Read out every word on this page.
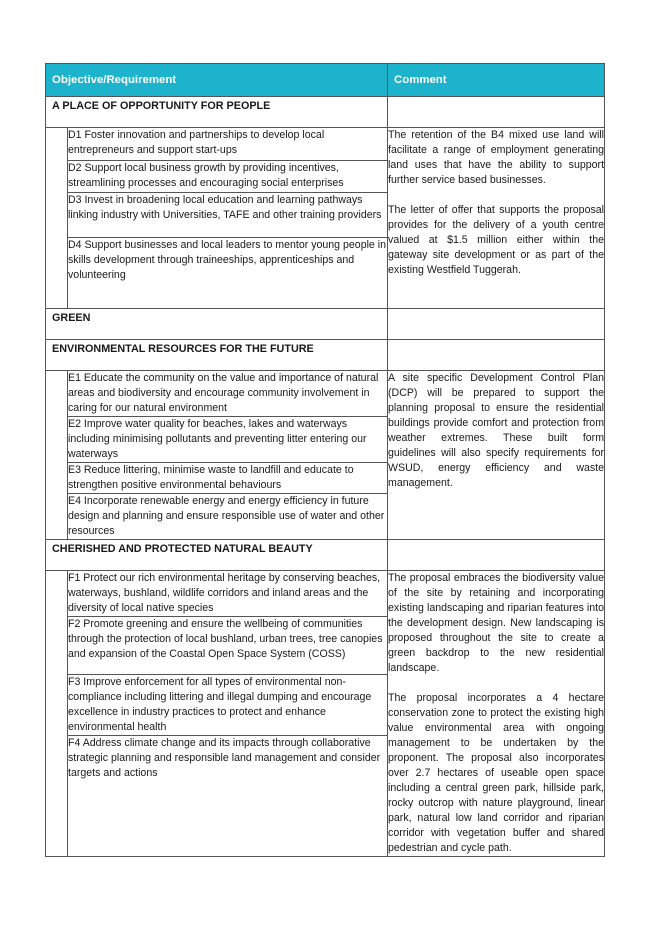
Objective/Requirement		Comment
A PLACE OF OPPORTUNITY FOR PEOPLE		
	D1 Foster innovation and partnerships to develop local entrepreneurs and support start-ups	The retention of the B4 mixed use land will facilitate a range of employment generating land uses that have the ability to support further service based businesses.

The letter of offer that supports the proposal provides for the delivery of a youth centre valued at $1.5 million either within the gateway site development or as part of the existing Westfield Tuggerah.

	D2 Support local business growth by providing incentives, streamlining processes and encouraging social enterprises	
	D3 Invest in broadening local education and learning pathways linking industry with Universities, TAFE and other training providers	
	D4 Support businesses and local leaders to mentor young people in skills development through traineeships, apprenticeships and volunteering	
GREEN		
ENVIRONMENTAL RESOURCES FOR THE FUTURE		
	E1 Educate the community on the value and importance of natural areas and biodiversity and encourage community involvement in caring for our natural environment	A site specific Development Control Plan (DCP) will be prepared to support the planning proposal to ensure the residential buildings provide comfort and protection from weather extremes. These built form guidelines will also specify requirements for WSUD, energy efficiency and waste management.

	E2 Improve water quality for beaches, lakes and waterways including minimising pollutants and preventing litter entering our waterways	
	E3 Reduce littering, minimise waste to landfill and educate to strengthen positive environmental behaviours	
	E4 Incorporate renewable energy and energy efficiency in future design and planning and ensure responsible use of water and other resources	
CHERISHED AND PROTECTED NATURAL BEAUTY		
	F1 Protect our rich environmental heritage by conserving beaches, waterways, bushland, wildlife corridors and inland areas and the diversity of local native species	The proposal embraces the biodiversity value of the site by retaining and incorporating existing landscaping and riparian features into the development design. New landscaping is proposed throughout the site to create a green backdrop to the new residential landscape.

The proposal incorporates a 4 hectare conservation zone to protect the existing high value environmental area with ongoing management to be undertaken by the proponent. The proposal also incorporates over 2.7 hectares of useable open space including a central green park, hillside park, rocky outcrop with nature playground, linear park, natural low land corridor and riparian corridor with vegetation buffer and shared pedestrian and cycle path.

	F2 Promote greening and ensure the wellbeing of communities through the protection of local bushland, urban trees, tree canopies and expansion of the Coastal Open Space System (COSS)	
	F3 Improve enforcement for all types of environmental non-compliance including littering and illegal dumping and encourage excellence in industry practices to protect and enhance environmental health	
	F4 Address climate change and its impacts through collaborative strategic planning and responsible land management and consider targets and actions	
